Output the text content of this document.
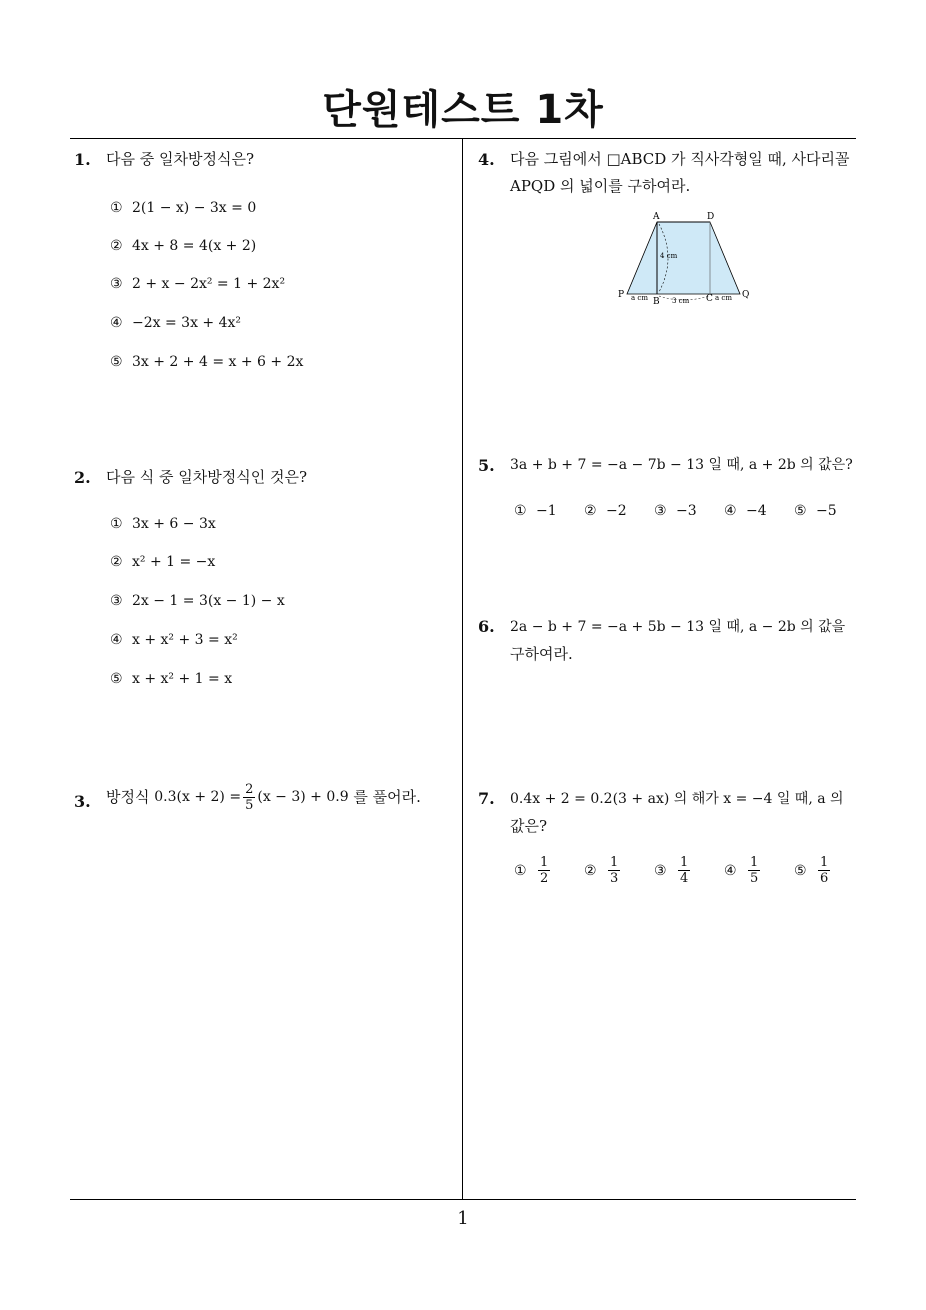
단원테스트 1차
1. 다음 중 일차방정식은?
① 2(1 − x) − 3x = 0
② 4x + 8 = 4(x + 2)
③ 2 + x − 2x² = 1 + 2x²
④ −2x = 3x + 4x²
⑤ 3x + 2 + 4 = x + 6 + 2x
2. 다음 식 중 일차방정식인 것은?
① 3x + 6 − 3x
② x² + 1 = −x
③ 2x − 1 = 3(x − 1) − x
④ x + x² + 3 = x²
⑤ x + x² + 1 = x
3. 방정식
$0.3(x + 2) = \frac{2}{5} (x - 3) + 0.9$
를 풀어라.
4. 다음 그림에서 □ABCD 가 직사각형일 때, 사다리꼴
APQD 의 넓이를 구하여라.
A	D
P
B	C	Q
4 cm
3 cm
a cm	a cm
5. 3a + b + 7 = −a − 7b − 13 일 때, a + 2b 의 값은?
① −1 ② −2 ③ −3 ④ −4 ⑤ −5
6. 2a − b + 7 = −a + 5b − 13 일 때, a − 2b 의 값을
구하여라.
7. 0.4x + 2 = 0.2(3 + ax) 의 해가 x = −4 일 때, a 의
값은?
① $\frac{1}{2}$ ② $\frac{1}{3}$ ③ $\frac{1}{4}$ ④ $\frac{1}{5}$ ⑤ $\frac{1}{6}$
1
